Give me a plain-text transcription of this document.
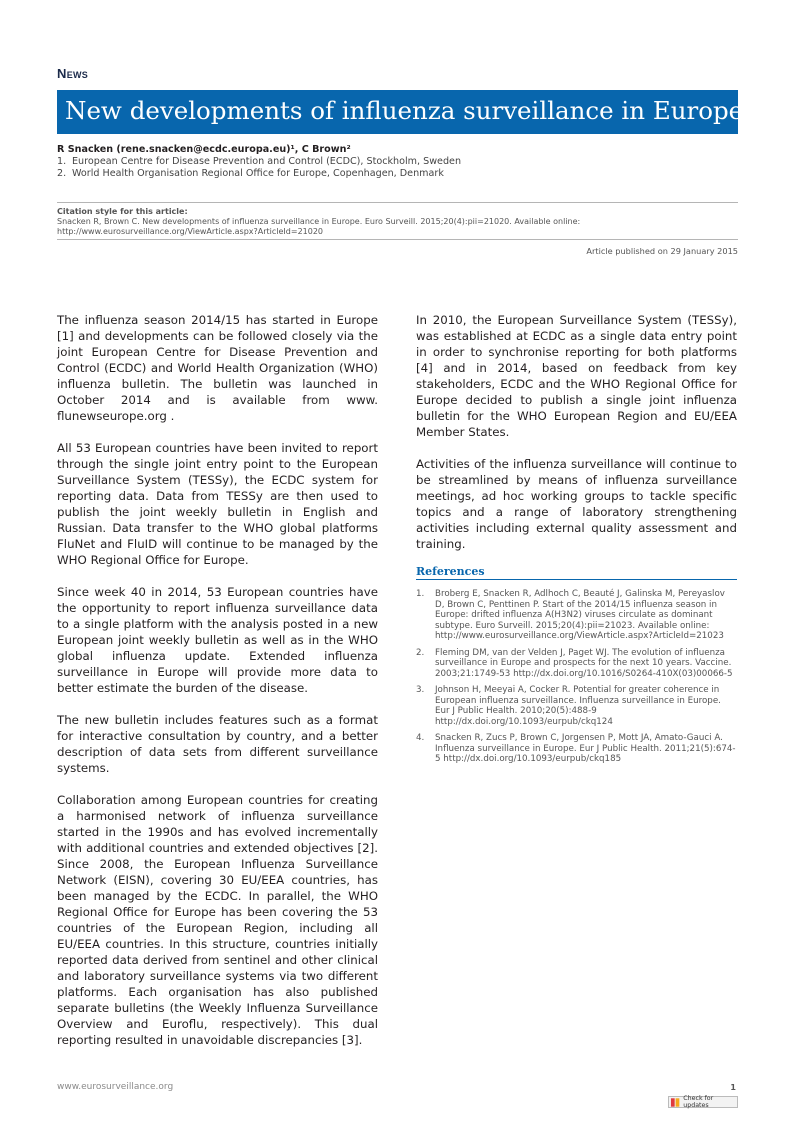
News
New developments of influenza surveillance in Europe
R Snacken (rene.snacken@ecdc.europa.eu)¹, C Brown²
1. European Centre for Disease Prevention and Control (ECDC), Stockholm, Sweden
2. World Health Organisation Regional Office for Europe, Copenhagen, Denmark
Citation style for this article:
Snacken R, Brown C. New developments of influenza surveillance in Europe. Euro Surveill. 2015;20(4):pii=21020. Available online: http://www.eurosurveillance.org/ViewArticle.aspx?ArticleId=21020
Article published on 29 January 2015

The influenza season 2014/15 has started in Europe [1] and developments can be followed closely via the joint European Centre for Disease Prevention and Control (ECDC) and World Health Organization (WHO) influenza bulletin. The bulletin was launched in October 2014 and is available from www. flunewseurope.org .

All 53 European countries have been invited to report through the single joint entry point to the European Surveillance System (TESSy), the ECDC system for reporting data. Data from TESSy are then used to publish the joint weekly bulletin in English and Russian. Data transfer to the WHO global platforms FluNet and FluID will continue to be managed by the WHO Regional Office for Europe.

Since week 40 in 2014, 53 European countries have the opportunity to report influenza surveillance data to a single platform with the analysis posted in a new European joint weekly bulletin as well as in the WHO global influenza update. Extended influenza surveillance in Europe will provide more data to better estimate the burden of the disease.

The new bulletin includes features such as a format for interactive consultation by country, and a better description of data sets from different surveillance systems.

Collaboration among European countries for creating a harmonised network of influenza surveillance started in the 1990s and has evolved incrementally with additional countries and extended objectives [2]. Since 2008, the European Influenza Surveillance Network (EISN), covering 30 EU/EEA countries, has been managed by the ECDC. In parallel, the WHO Regional Office for Europe has been covering the 53 countries of the European Region, including all EU/EEA countries. In this structure, countries initially reported data derived from sentinel and other clinical and laboratory surveillance systems via two different platforms. Each organisation has also published separate bulletins (the Weekly Influenza Surveillance Overview and Euroflu, respectively). This dual reporting resulted in unavoidable discrepancies [3].

In 2010, the European Surveillance System (TESSy), was established at ECDC as a single data entry point in order to synchronise reporting for both platforms [4] and in 2014, based on feedback from key stakeholders, ECDC and the WHO Regional Office for Europe decided to publish a single joint influenza bulletin for the WHO European Region and EU/EEA Member States.

Activities of the influenza surveillance will continue to be streamlined by means of influenza surveillance meetings, ad hoc working groups to tackle specific topics and a range of laboratory strengthening activities including external quality assessment and training.

References
1.	Broberg E, Snacken R, Adlhoch C, Beauté J, Galinska M, Pereyaslov D, Brown C, Penttinen P. Start of the 2014/15 influenza season in Europe: drifted influenza A(H3N2) viruses circulate as dominant subtype. Euro Surveill. 2015;20(4):pii=21023. Available online: http://www.eurosurveillance.org/ViewArticle.aspx?ArticleId=21023
2.	Fleming DM, van der Velden J, Paget WJ. The evolution of influenza surveillance in Europe and prospects for the next 10 years. Vaccine. 2003;21:1749-53 http://dx.doi.org/10.1016/S0264-410X(03)00066-5
3.	Johnson H, Meeyai A, Cocker R. Potential for greater coherence in European influenza surveillance. Influenza surveillance in Europe. Eur J Public Health. 2010;20(5):488-9 http://dx.doi.org/10.1093/eurpub/ckq124
4.	Snacken R, Zucs P, Brown C, Jorgensen P, Mott JA, Amato-Gauci A. Influenza surveillance in Europe. Eur J Public Health. 2011;21(5):674-5 http://dx.doi.org/10.1093/eurpub/ckq185
www.eurosurveillance.org	1
Check for updates
